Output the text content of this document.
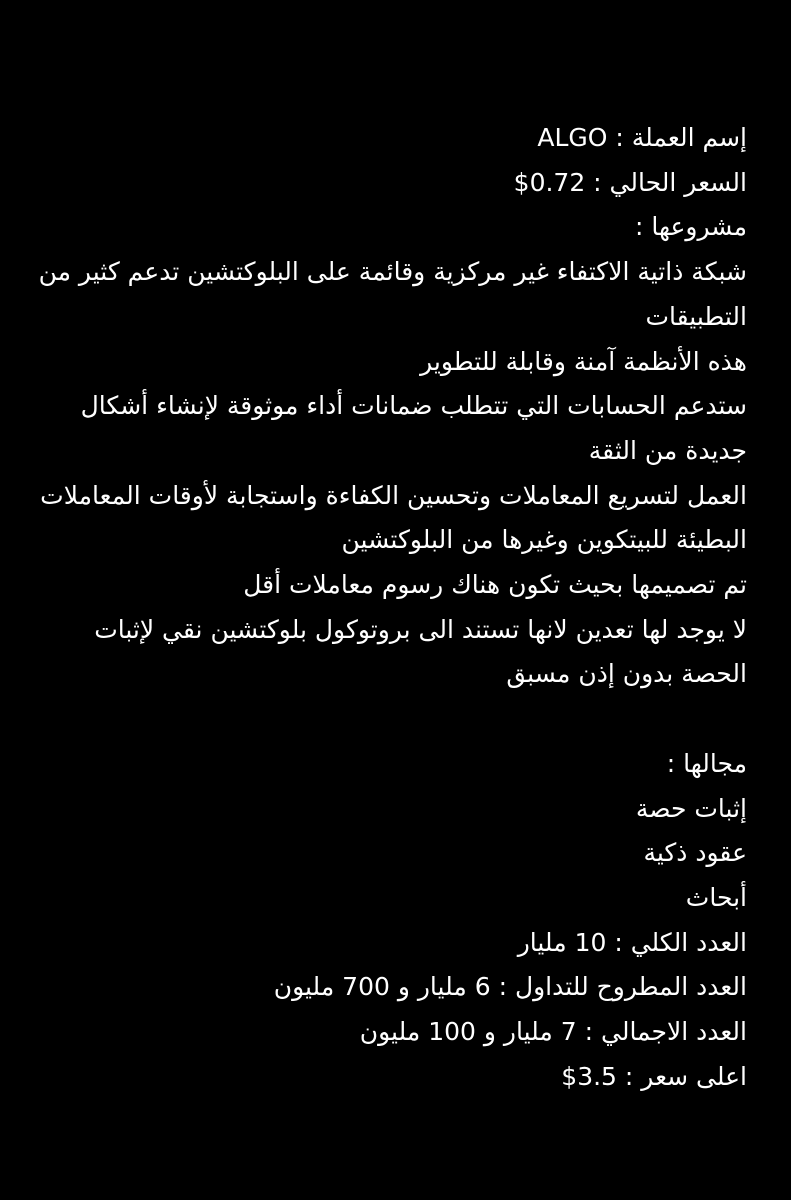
إسم العملة : ALGO
السعر الحالي : 0.72$
مشروعها :
شبكة ذاتية الاكتفاء غير مركزية وقائمة على البلوكتشين تدعم كثير من التطبيقات
هذه الأنظمة آمنة وقابلة للتطوير
ستدعم الحسابات التي تتطلب ضمانات أداء موثوقة لإنشاء أشكال جديدة من الثقة
العمل لتسريع المعاملات وتحسين الكفاءة واستجابة لأوقات المعاملات البطيئة للبيتكوين وغيرها من البلوكتشين
تم تصميمها بحيث تكون هناك رسوم معاملات أقل
لا يوجد لها تعدين لانها تستند الى بروتوكول بلوكتشين نقي لإثبات الحصة بدون إذن مسبق
مجالها :
إثبات حصة
عقود ذكية
أبحاث
العدد الكلي : 10 مليار
العدد المطروح للتداول : 6 مليار و 700 مليون
العدد الاجمالي : 7 مليار و 100 مليون
اعلى سعر : 3.5$
